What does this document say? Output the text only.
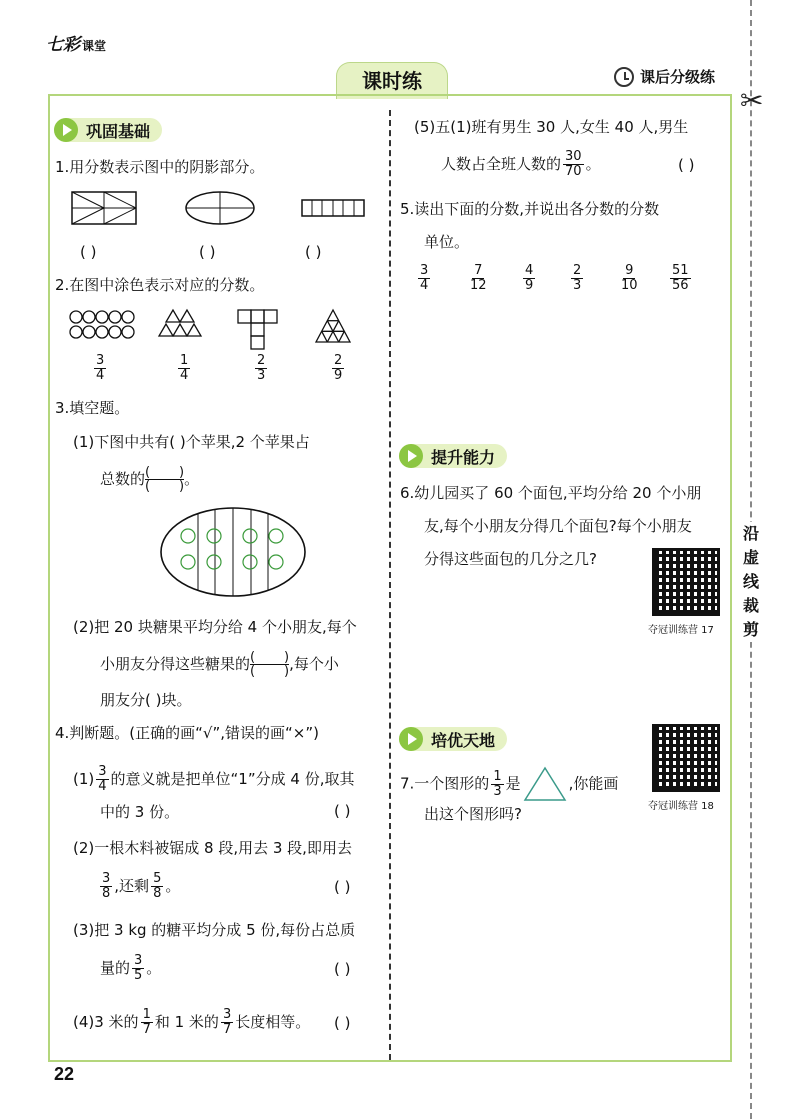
七彩 课堂
课时练	课后分级练
✂
沿
虚
线
裁
剪
22
巩固基础
1.用分数表示图中的阴影部分。
( )	( )	( )
2.在图中涂色表示对应的分数。
$\frac{3}{4}$	$\frac{1}{4}$	$\frac{2}{3}$	$\frac{2}{9}$
3.填空题。
(1)下图中共有( )个苹果,2 个苹果占
总数的 (       )
(       ) 。
(2)把 20 块糖果平均分给 4 个小朋友,每个
小朋友分得这些糖果的 (       )
(       ) ,每个小
朋友分( )块。
4.判断题。(正确的画“√”,错误的画“×”)
$(1) \frac{3}{4}$ 的意义就是把单位“1”分成 4 份,取其
中的 3 份。	( )
(2)一根木料被锯成 8 段,用去 3 段,即用去
$\frac{3}{8}$ ,还剩 $\frac{5}{8}$ 。	( )
(3)把 3 kg 的糖平均分成 5 份,每份占总质
量的 $\frac{3}{5}$ 。	( )
(4)3 米的 $\frac{1}{7}$ 和 1 米的 $\frac{3}{7}$ 长度相等。 ( )
(5)五(1)班有男生 30 人,女生 40 人,男生
人数占全班人数的 $\frac{30}{70}$ 。	( )
5.读出下面的分数,并说出各分数的分数
单位。
$\frac{3}{4}$	$\frac{7}{12}$	$\frac{4}{9}$	$\frac{2}{3}$	$\frac{9}{10} \frac{51}{56}$
提升能力
6.幼儿园买了 60 个面包,平均分给 20 个小朋
友,每个小朋友分得几个面包?每个小朋友
分得这些面包的几分之几?
夺冠训练营 17
培优天地
夺冠训练营 18
7.一个图形的 $\frac{1}{3}$ 是	,你能画
出这个图形吗?
